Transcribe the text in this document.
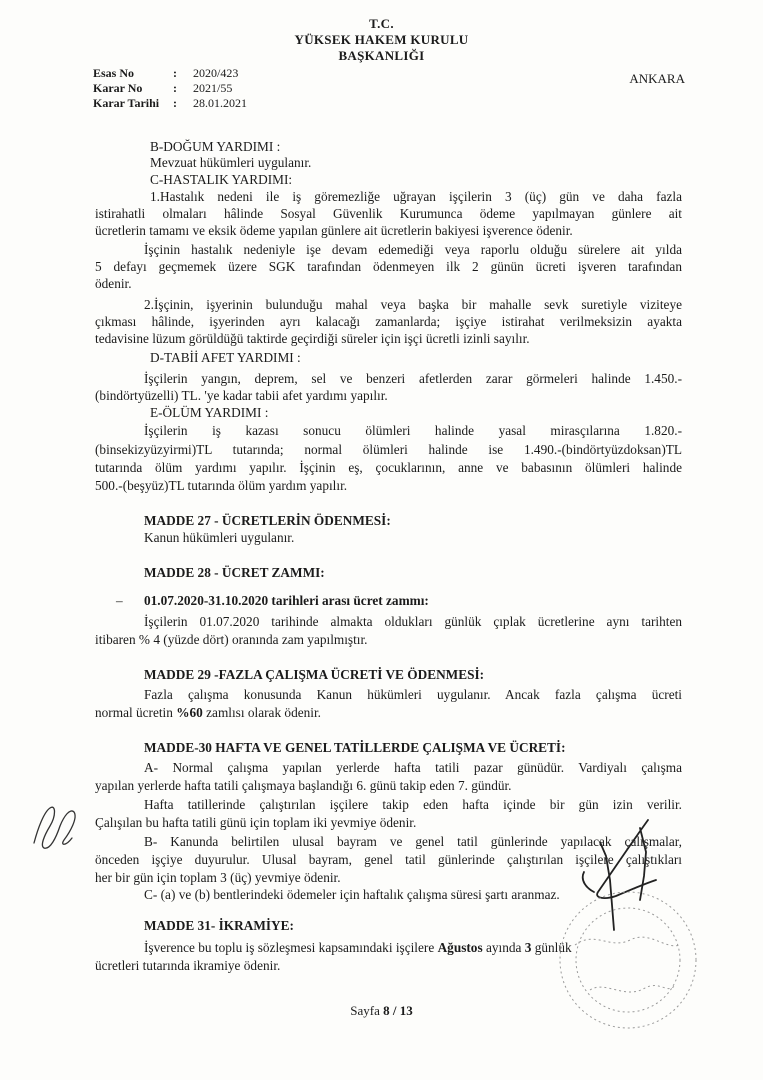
T.C.
YÜKSEK HAKEM KURULU
BAŞKANLIĞI
Esas No	:	2020/423
Karar No	:	2021/55
Karar Tarihi	:	28.01.2021
ANKARA
B-DOĞUM YARDIMI :
Mevzuat hükümleri uygulanır.
C-HASTALIK YARDIMI:
1.Hastalık nedeni ile iş göremezliğe uğrayan işçilerin 3 (üç) gün ve daha fazla
istirahatli olmaları hâlinde Sosyal Güvenlik Kurumunca ödeme yapılmayan günlere ait
ücretlerin tamamı ve eksik ödeme yapılan günlere ait ücretlerin bakiyesi işverence ödenir.
İşçinin hastalık nedeniyle işe devam edemediği veya raporlu olduğu sürelere ait yılda
5 defayı geçmemek üzere SGK tarafından ödenmeyen ilk 2 günün ücreti işveren tarafından
ödenir.
2.İşçinin, işyerinin bulunduğu mahal veya başka bir mahalle sevk suretiyle viziteye
çıkması hâlinde, işyerinden ayrı kalacağı zamanlarda; işçiye istirahat verilmeksizin ayakta
tedavisine lüzum görüldüğü taktirde geçirdiği süreler için işçi ücretli izinli sayılır.
D-TABİİ AFET YARDIMI :
İşçilerin yangın, deprem, sel ve benzeri afetlerden zarar görmeleri halinde 1.450.-
(bindörtyüzelli) TL. 'ye kadar tabii afet yardımı yapılır.
E-ÖLÜM YARDIMI :
İşçilerin iş kazası sonucu ölümleri halinde yasal mirasçılarına 1.820.-
(binsekizyüzyirmi)TL tutarında; normal ölümleri halinde ise 1.490.-(bindörtyüzdoksan)TL
tutarında ölüm yardımı yapılır. İşçinin eş, çocuklarının, anne ve babasının ölümleri halinde
500.-(beşyüz)TL tutarında ölüm yardım yapılır.
MADDE 27 - ÜCRETLERİN ÖDENMESİ:
Kanun hükümleri uygulanır.
MADDE 28 - ÜCRET ZAMMI:
– 01.07.2020-31.10.2020 tarihleri arası ücret zammı:
İşçilerin 01.07.2020 tarihinde almakta oldukları günlük çıplak ücretlerine aynı tarihten
itibaren % 4 (yüzde dört) oranında zam yapılmıştır.
MADDE 29 -FAZLA ÇALIŞMA ÜCRETİ VE ÖDENMESİ:
Fazla çalışma konusunda Kanun hükümleri uygulanır. Ancak fazla çalışma ücreti
normal ücretin %60 zamlısı olarak ödenir.
MADDE-30 HAFTA VE GENEL TATİLLERDE ÇALIŞMA VE ÜCRETİ:
A- Normal çalışma yapılan yerlerde hafta tatili pazar günüdür. Vardiyalı çalışma
yapılan yerlerde hafta tatili çalışmaya başlandığı 6. günü takip eden 7. gündür.
Hafta tatillerinde çalıştırılan işçilere takip eden hafta içinde bir gün izin verilir.
Çalışılan bu hafta tatili günü için toplam iki yevmiye ödenir.
B- Kanunda belirtilen ulusal bayram ve genel tatil günlerinde yapılacak çalışmalar,
önceden işçiye duyurulur. Ulusal bayram, genel tatil günlerinde çalıştırılan işçilere çalıştıkları
her bir gün için toplam 3 (üç) yevmiye ödenir.
C- (a) ve (b) bentlerindeki ödemeler için haftalık çalışma süresi şartı aranmaz.
MADDE 31- İKRAMİYE:
İşverence bu toplu iş sözleşmesi kapsamındaki işçilere Ağustos ayında 3 günlük
ücretleri tutarında ikramiye ödenir.
Sayfa 8 / 13
